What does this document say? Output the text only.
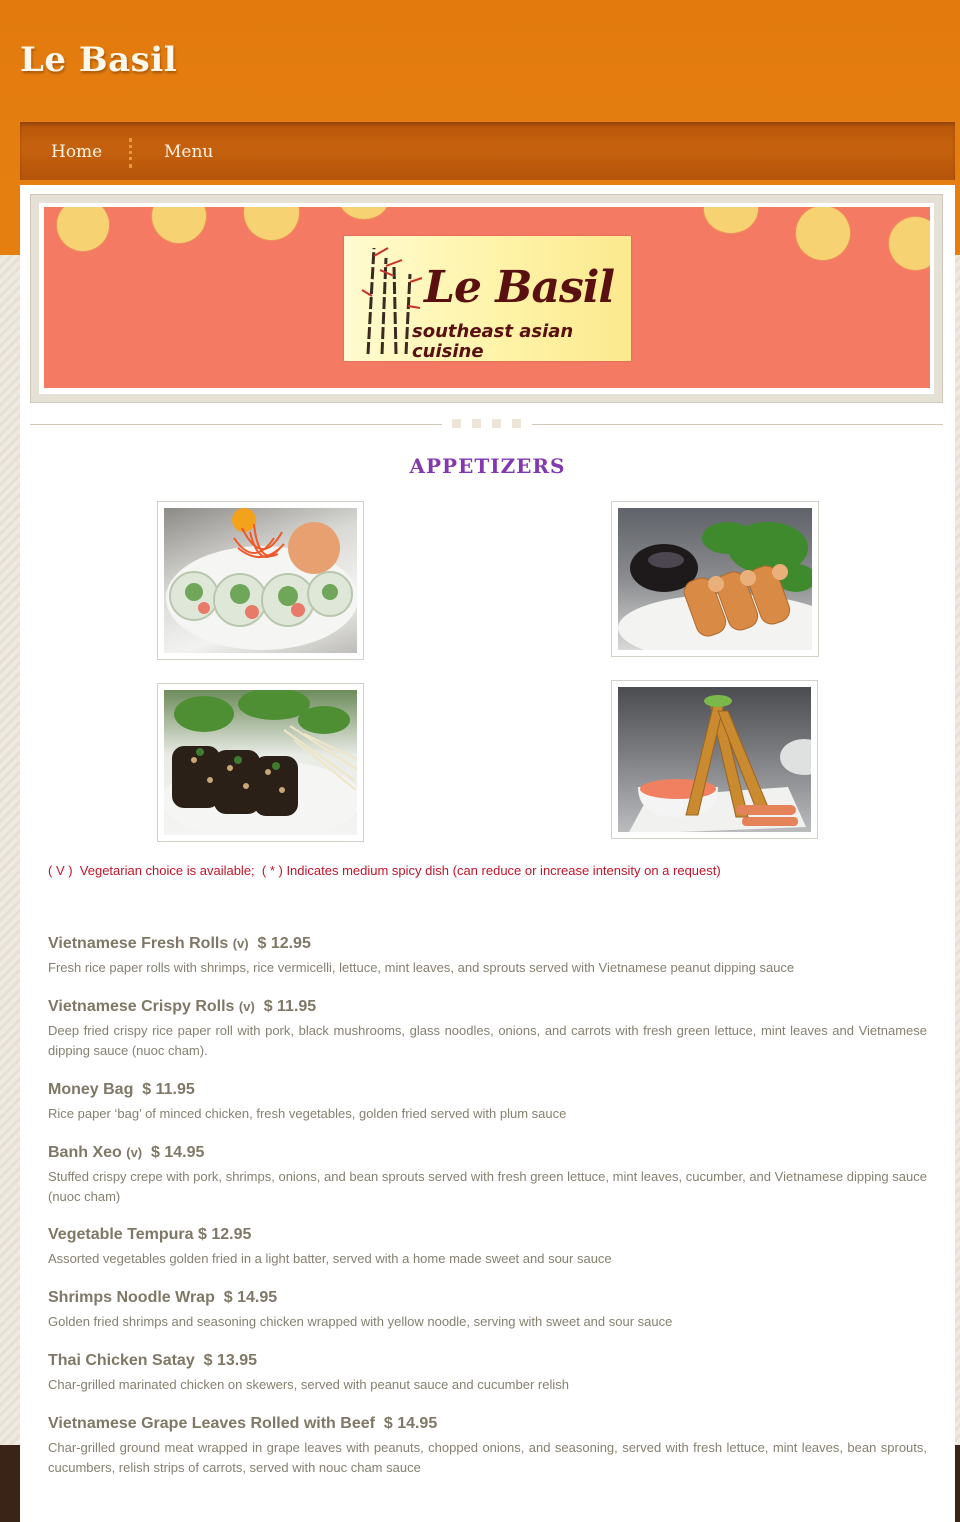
Le Basil
Home	Menu
Le Basil
southeast asian cuisine
APPETIZERS

( V )  Vegetarian choice is available;  ( * ) Indicates medium spicy dish (can reduce or increase intensity on a request)

Vietnamese Fresh Rolls (v) $ 12.95

Fresh rice paper rolls with shrimps, rice vermicelli, lettuce, mint leaves, and sprouts served with Vietnamese peanut dipping sauce

Vietnamese Crispy Rolls (v) $ 11.95

Deep fried crispy rice paper roll with pork, black mushrooms, glass noodles, onions, and carrots with fresh green lettuce, mint leaves and Vietnamese dipping sauce (nuoc cham).

Money Bag $ 11.95

Rice paper ‘bag’ of minced chicken, fresh vegetables, golden fried served with plum sauce

Banh Xeo (v) $ 14.95

Stuffed crispy crepe with pork, shrimps, onions, and bean sprouts served with fresh green lettuce, mint leaves, cucumber, and Vietnamese dipping sauce (nuoc cham)

Vegetable Tempura $ 12.95

Assorted vegetables golden fried in a light batter, served with a home made sweet and sour sauce

Shrimps Noodle Wrap $ 14.95

Golden fried shrimps and seasoning chicken wrapped with yellow noodle, serving with sweet and sour sauce

Thai Chicken Satay $ 13.95

Char-grilled marinated chicken on skewers, served with peanut sauce and cucumber relish

Vietnamese Grape Leaves Rolled with Beef $ 14.95

Char-grilled ground meat wrapped in grape leaves with peanuts, chopped onions, and seasoning, served with fresh lettuce, mint leaves, bean sprouts, cucumbers, relish strips of carrots, served with nouc cham sauce
